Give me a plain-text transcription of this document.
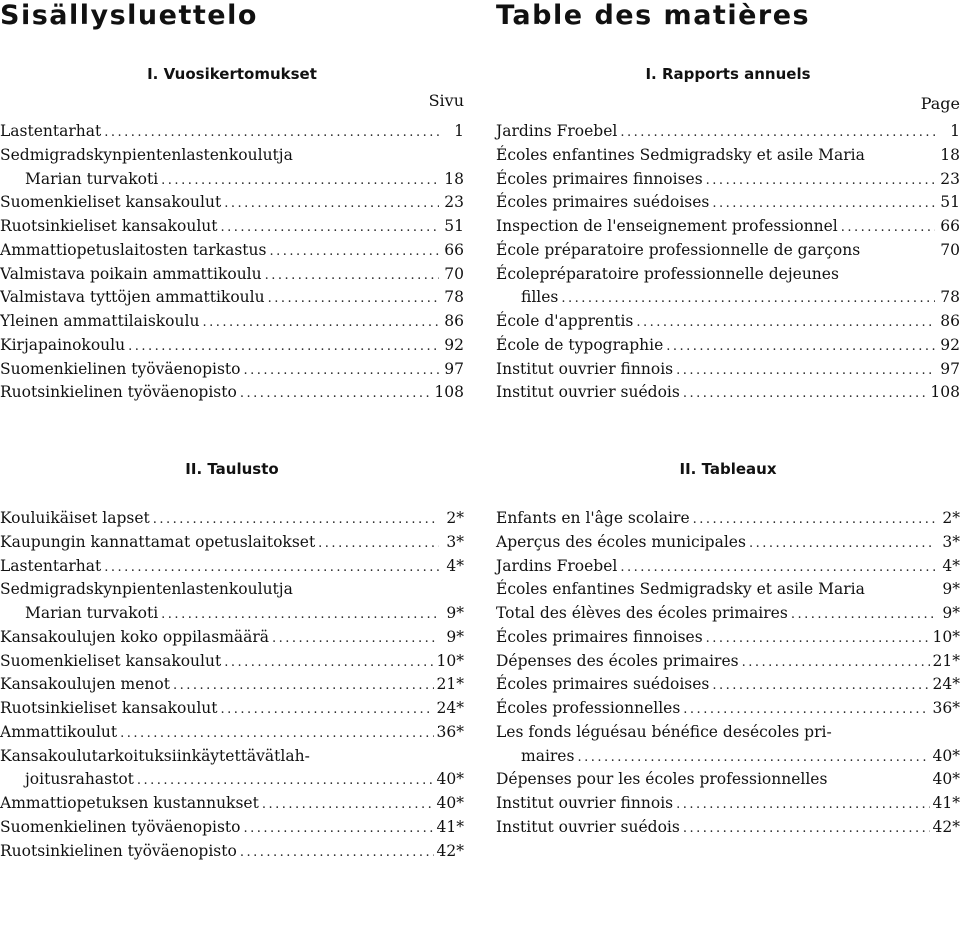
Sisällysluettelo
I. Vuosikertomukset
Sivu
Lastentarhat .....	1
Sedmigradskynpientenlastenkoulutja
Marian turvakoti .....	18
Suomenkieliset kansakoulut .....	23
Ruotsinkieliset kansakoulut .....	51
Ammattiopetuslaitosten tarkastus .....	66
Valmistava poikain ammattikoulu .....	70
Valmistava tyttöjen ammattikoulu .....	78
Yleinen ammattilaiskoulu .....	86
Kirjapainokoulu .....	92
Suomenkielinen työväenopisto .....	97
Ruotsinkielinen työväenopisto .....	108
II. Taulusto
Kouluikäiset lapset .....	2*
Kaupungin kannattamat opetuslaitokset .....	3*
Lastentarhat .....	4*
Sedmigradskynpientenlastenkoulutja
Marian turvakoti .....	9*
Kansakoulujen koko oppilasmäärä .....	9*
Suomenkieliset kansakoulut .....	10*
Kansakoulujen menot .....	21*
Ruotsinkieliset kansakoulut .....	24*
Ammattikoulut .....	36*
Kansakoulutarkoituksiinkäytettävätlah-
joitusrahastot .....	40*
Ammattiopetuksen kustannukset .....	40*
Suomenkielinen työväenopisto .....	41*
Ruotsinkielinen työväenopisto .....	42*
Table des matières
I. Rapports annuels
Page
Jardins Froebel .....	1
Écoles enfantines Sedmigradsky et asile Maria	18
Écoles primaires finnoises .....	23
Écoles primaires suédoises .....	51
Inspection de l'enseignement professionnel .....	66
École préparatoire professionnelle de garçons	70
Écolepréparatoire professionnelle dejeunes
filles .....	78
École d'apprentis .....	86
École de typographie .....	92
Institut ouvrier finnois .....	97
Institut ouvrier suédois .....	108
II. Tableaux
Enfants en l'âge scolaire .....	2*
Aperçus des écoles municipales .....	3*
Jardins Froebel .....	4*
Écoles enfantines Sedmigradsky et asile Maria	9*
Total des élèves des écoles primaires .....	9*
Écoles primaires finnoises .....	10*
Dépenses des écoles primaires .....	21*
Écoles primaires suédoises .....	24*
Écoles professionnelles .....	36*
Les fonds léguésau bénéfice desécoles pri-
maires .....	40*
Dépenses pour les écoles professionnelles	40*
Institut ouvrier finnois .....	41*
Institut ouvrier suédois .....	42*
